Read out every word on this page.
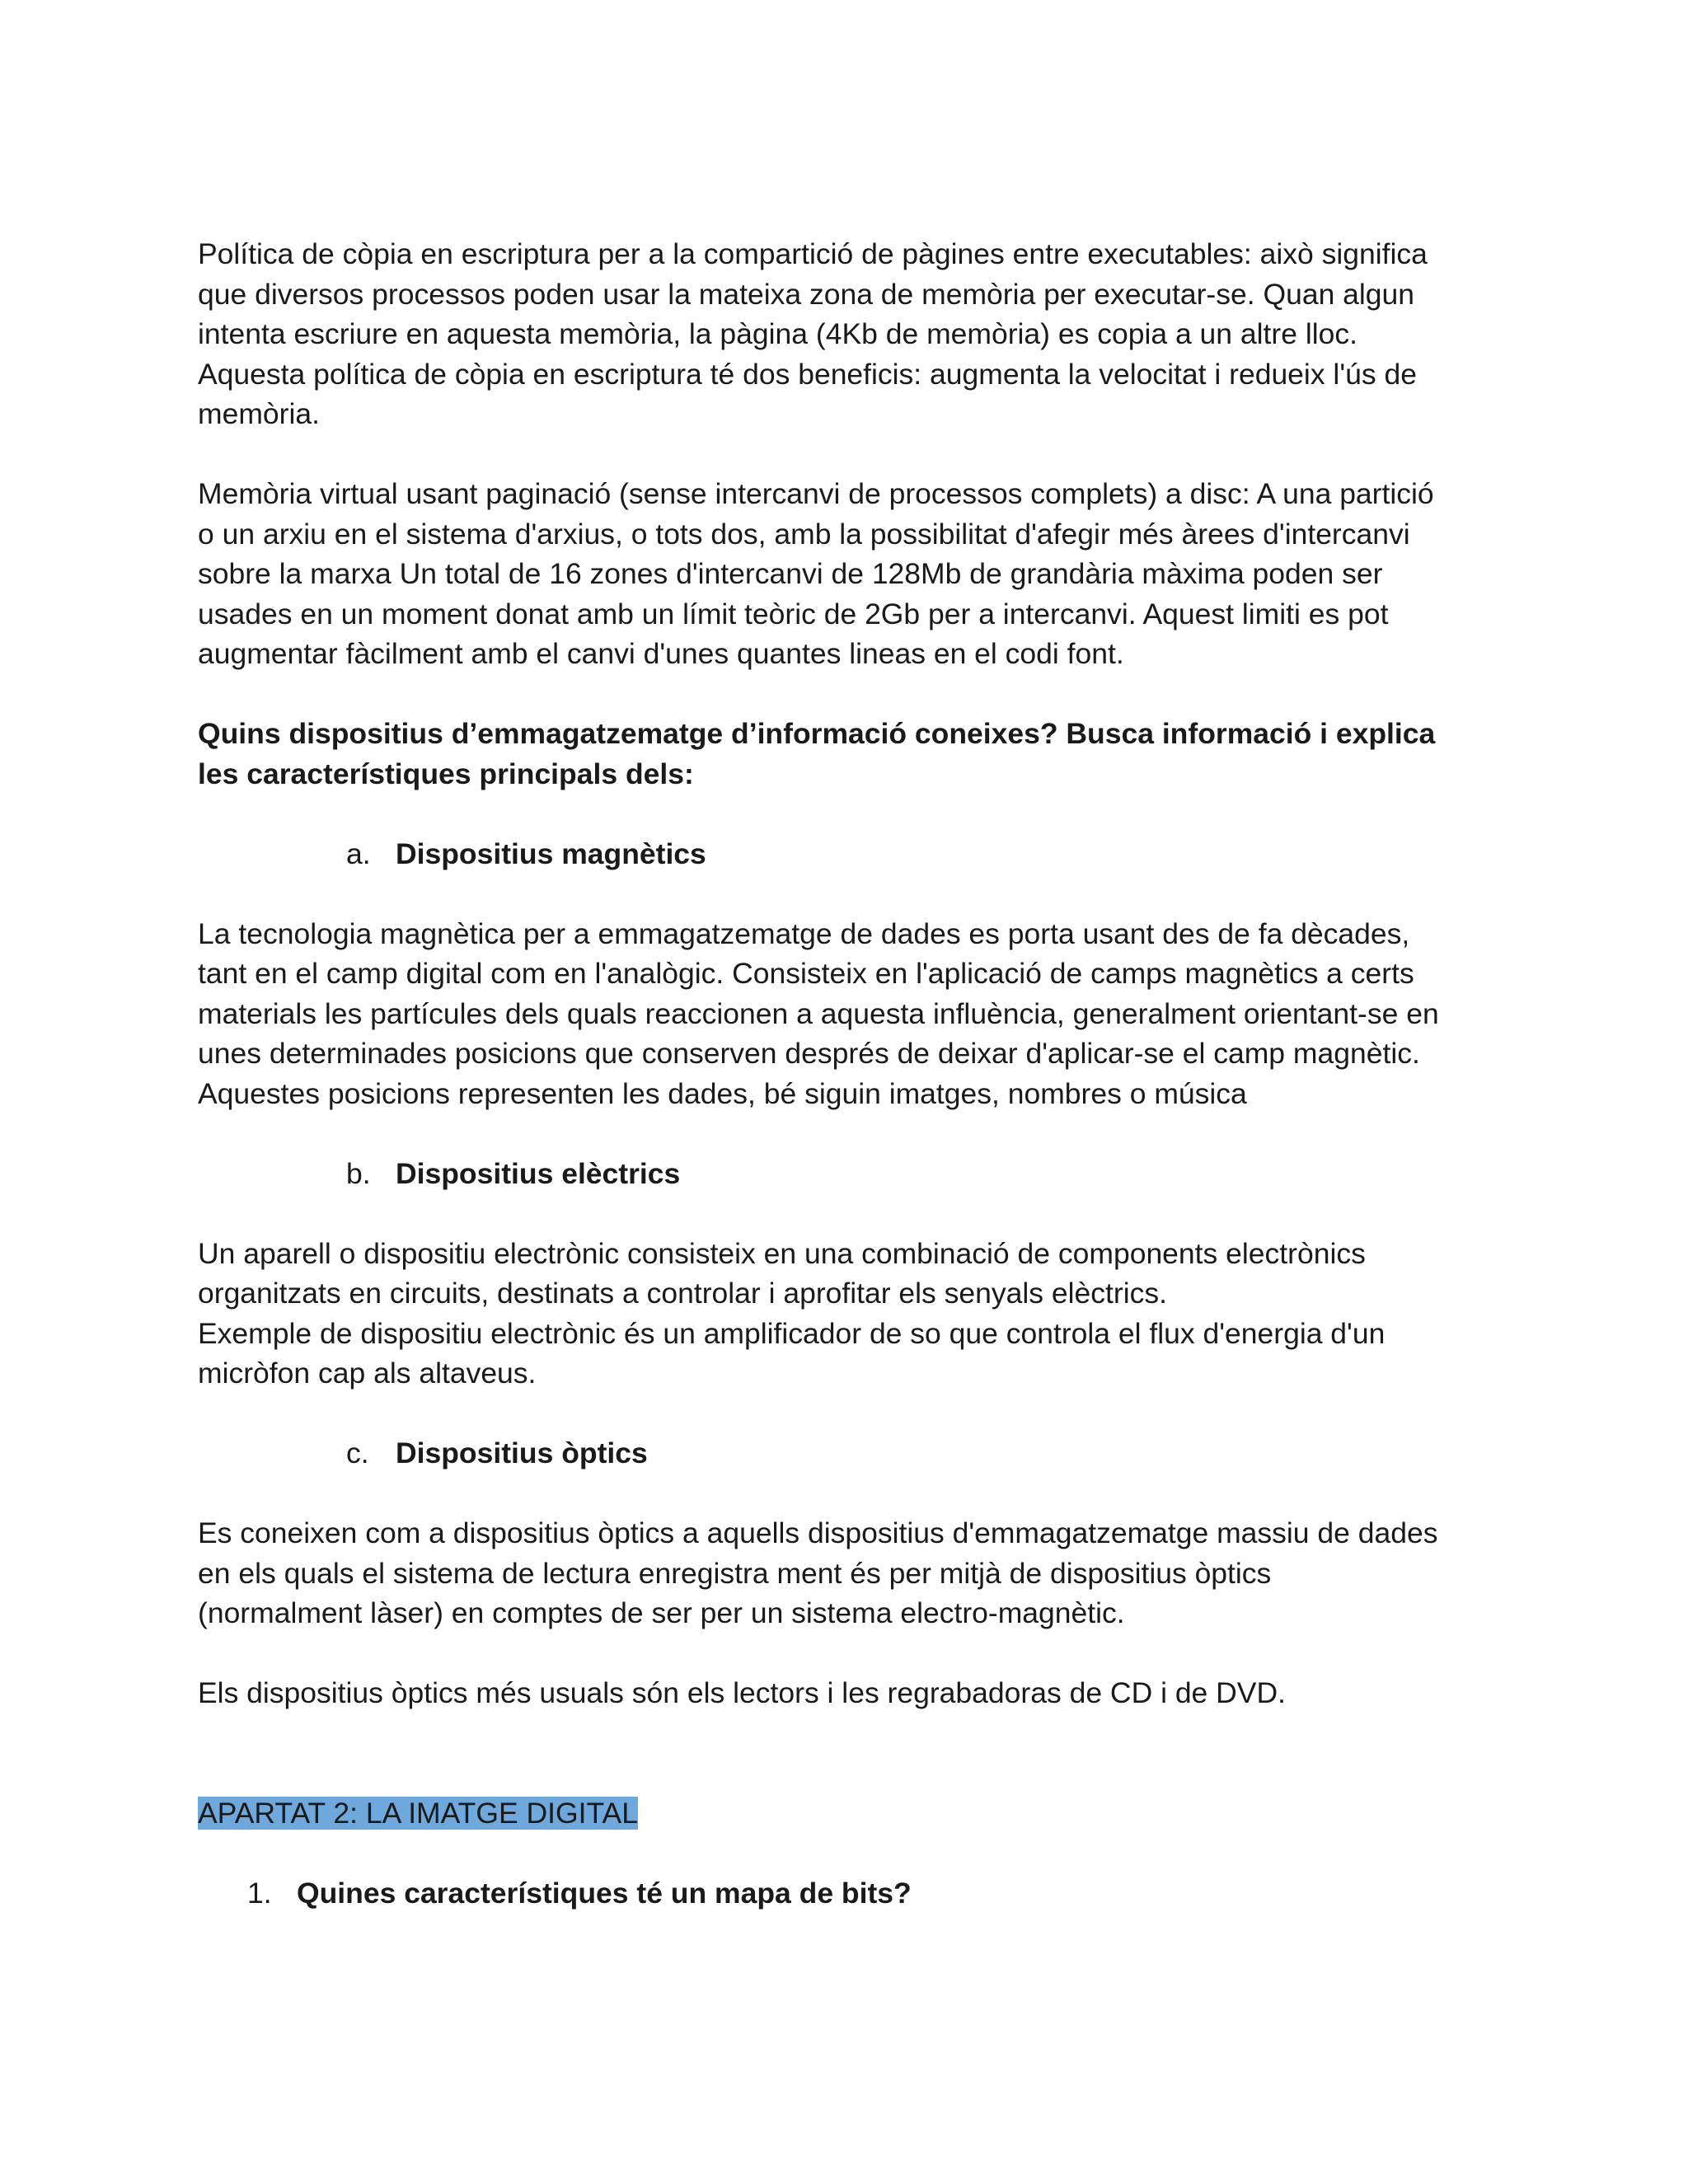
Política de còpia en escriptura per a la compartició de pàgines entre executables: això significa

que diversos processos poden usar la mateixa zona de memòria per executar-se. Quan algun

intenta escriure en aquesta memòria, la pàgina (4Kb de memòria) es copia a un altre lloc.

Aquesta política de còpia en escriptura té dos beneficis: augmenta la velocitat i redueix l'ús de

memòria.

Memòria virtual usant paginació (sense intercanvi de processos complets) a disc: A una partició

o un arxiu en el sistema d'arxius, o tots dos, amb la possibilitat d'afegir més àrees d'intercanvi

sobre la marxa Un total de 16 zones d'intercanvi de 128Mb de grandària màxima poden ser

usades en un moment donat amb un límit teòric de 2Gb per a intercanvi. Aquest limiti es pot

augmentar fàcilment amb el canvi d'unes quantes lineas en el codi font.

Quins dispositius d’emmagatzematge d’informació coneixes? Busca informació i explica

les característiques principals dels:

a. Dispositius magnètics

La tecnologia magnètica per a emmagatzematge de dades es porta usant des de fa dècades,

tant en el camp digital com en l'analògic. Consisteix en l'aplicació de camps magnètics a certs

materials les partícules dels quals reaccionen a aquesta influència, generalment orientant-se en

unes determinades posicions que conserven després de deixar d'aplicar-se el camp magnètic.

Aquestes posicions representen les dades, bé siguin imatges, nombres o música

b. Dispositius elèctrics

Un aparell o dispositiu electrònic consisteix en una combinació de components electrònics

organitzats en circuits, destinats a controlar i aprofitar els senyals elèctrics.

Exemple de dispositiu electrònic és un amplificador de so que controla el flux d'energia d'un

micròfon cap als altaveus.

c. Dispositius òptics

Es coneixen com a dispositius òptics a aquells dispositius d'emmagatzematge massiu de dades

en els quals el sistema de lectura enregistra ment és per mitjà de dispositius òptics

(normalment làser) en comptes de ser per un sistema electro-magnètic.

Els dispositius òptics més usuals són els lectors i les regrabadoras de CD i de DVD.

APARTAT 2: LA IMATGE DIGITAL

1. Quines característiques té un mapa de bits?
